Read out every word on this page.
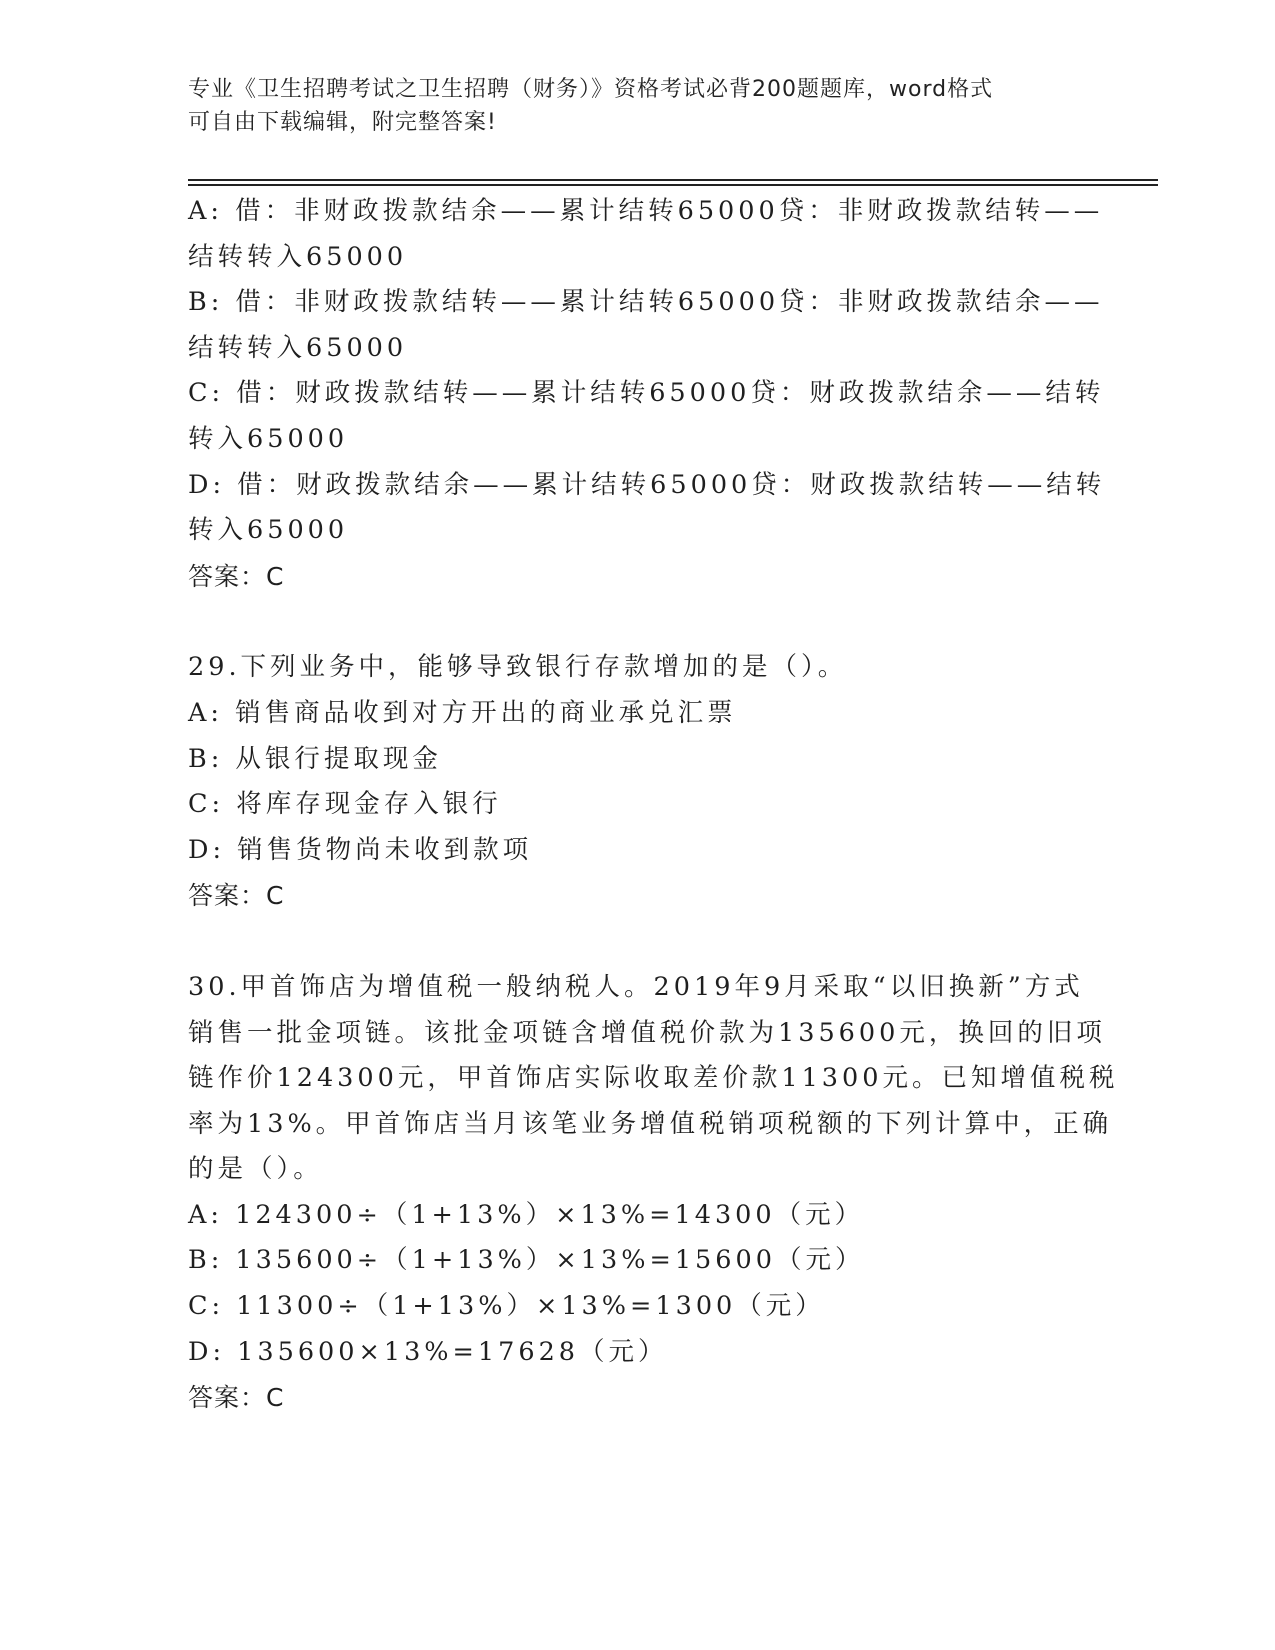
专业《卫生招聘考试之卫生招聘（财务）》资格考试必背200题题库，word格式
可自由下载编辑，附完整答案!
A: 借：非财政拨款结余——累计结转65000贷：非财政拨款结转——
结转转入65000
B: 借：非财政拨款结转——累计结转65000贷：非财政拨款结余——
结转转入65000
C: 借：财政拨款结转——累计结转65000贷：财政拨款结余——结转
转入65000
D: 借：财政拨款结余——累计结转65000贷：财政拨款结转——结转
转入65000
答案：C
29.下列业务中，能够导致银行存款增加的是（）。
A: 销售商品收到对方开出的商业承兑汇票
B: 从银行提取现金
C: 将库存现金存入银行
D: 销售货物尚未收到款项
答案：C
30.甲首饰店为增值税一般纳税人。2019年9月采取“以旧换新”方式
销售一批金项链。该批金项链含增值税价款为135600元，换回的旧项
链作价124300元，甲首饰店实际收取差价款11300元。已知增值税税
率为13%。甲首饰店当月该笔业务增值税销项税额的下列计算中，正确
的是（）。
A: 124300÷（1+13%）×13%=14300（元）
B: 135600÷（1+13%）×13%=15600（元）
C: 11300÷（1+13%）×13%=1300（元）
D: 135600×13%=17628（元）
答案：C
